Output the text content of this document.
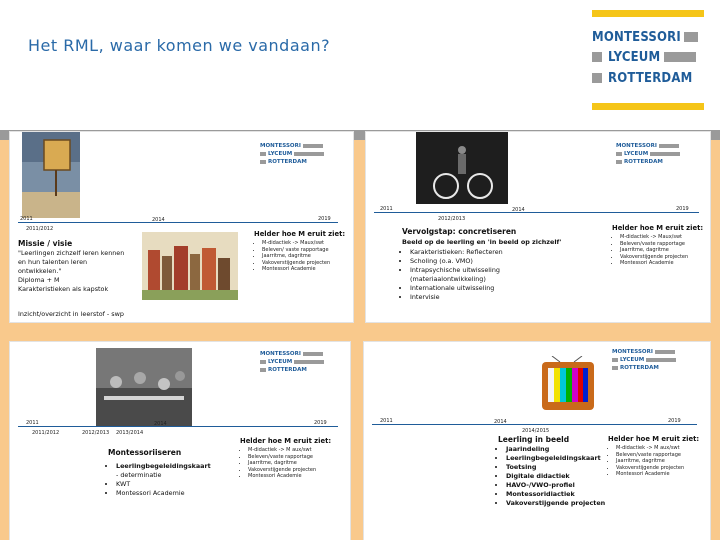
Het RML, waar komen we vandaan?	MONTESSORI
LYCEUM
ROTTERDAM
MONTESSORI
LYCEUM
ROTTERDAM
2011	2014	2019
2011/2012
Missie / visie
"Leerlingen zichzelf leren kennen
en hun talenten leren
ontwikkelen."
Diploma + M
Karakteristieken als kapstok
Inzicht/overzicht in leerstof - swp
Helder hoe M eruit ziet:
• M-didactiek -> Maux/swt
• Beleven/ vaste rapportage
• Jaarritme, dagritme
• Vakoverstijgende projecten
• Montessori Academie
MONTESSORI
LYCEUM
ROTTERDAM
2011	2014	2019
2012/2013
Vervolgstap: concretiseren
Beeld op de leerling en 'in beeld op zichzelf'
• Karakteristieken: Reflecteren
• Scholing (o.a. VMO)
• Intrapsychische uitwisseling (materiaalontwikkeling)
• Internationale uitwisseling
• Intervisie
Helder hoe M eruit ziet:
• M-didactiek -> Maux/swt
• Beleven/vaste rapportage
• Jaarritme, dagritme
• Vakoverstijgende projecten
• Montessori Academie
MONTESSORI
LYCEUM
ROTTERDAM
2011	2014	2019
2011/2012	2012/2013 2013/2014
Montessoriiseren
• Leerlingbegeleidingskaart
- determinatie
• KWT
• Montessori Academie
Helder hoe M eruit ziet:
• M-didactiek -> M aux/swt
• Beleven/vaste rapportage
• Jaarritme, dagritme
• Vakoverstijgende projecten
• Montessori Academie
MONTESSORI
LYCEUM
ROTTERDAM
2011	2014	2019
2014/2015
Leerling in beeld
• Jaarindeling
• Leerlingbegeleidingskaart
• Toetsing
• Digitale didactiek
• HAVO-/VWO-profiel
• Montessoridiactiek
• Vakoverstijgende projecten
Helder hoe M eruit ziet:
• M-didactiek -> M aux/swt
• Beleven/vaste rapportage
• Jaarritme, dagritme
• Vakoverstijgende projecten
• Montessori Academie
